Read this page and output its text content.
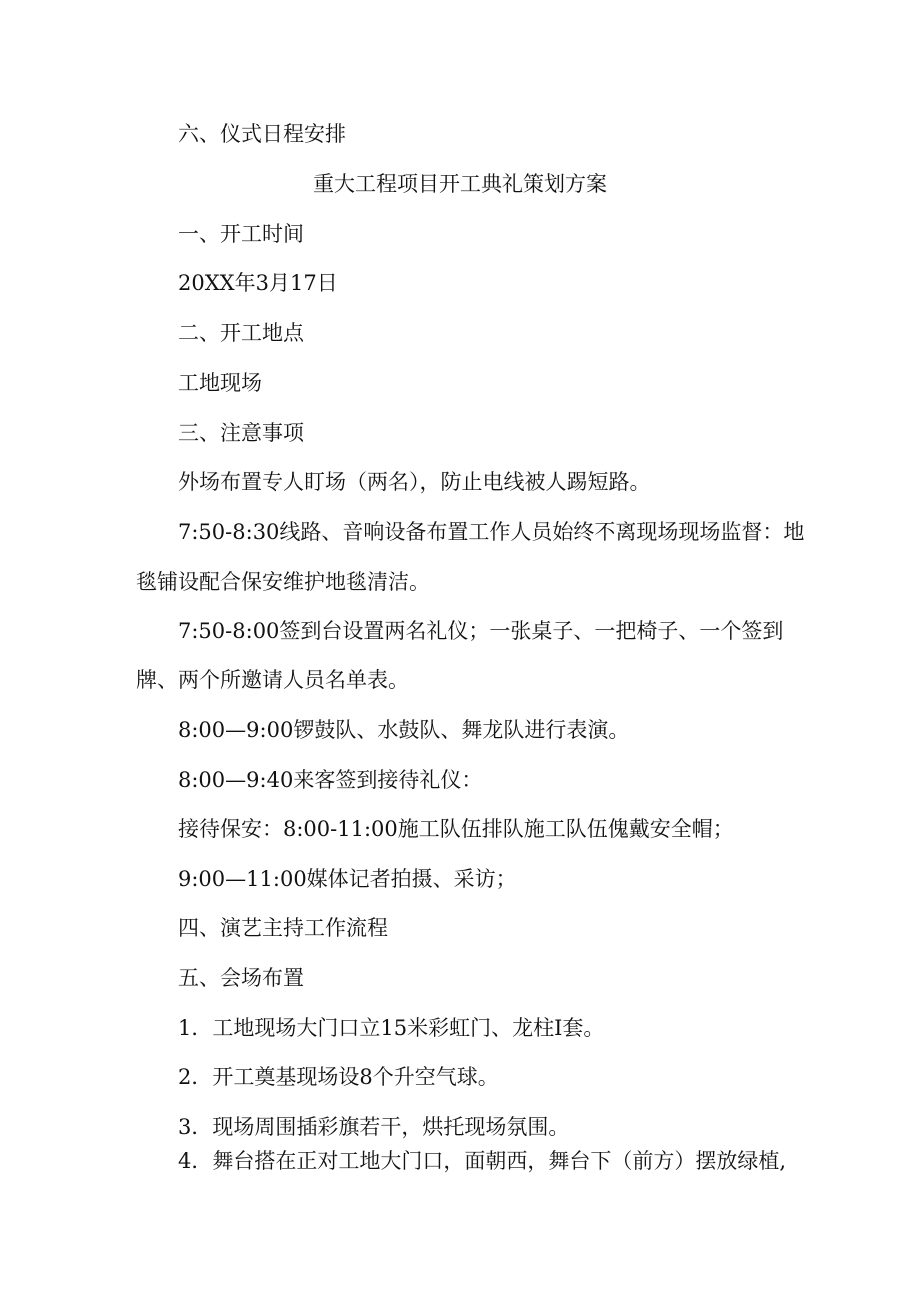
六、仪式日程安排
重大工程项目开工典礼策划方案
一、开工时间
20XX年3月17日
二、开工地点
工地现场
三、注意事项
外场布置专人盯场（两名），防止电线被人踢短路。
7:50-8:30线路、音响设备布置工作人员始终不离现场现场监督：地
毯铺设配合保安维护地毯清洁。
7:50-8:00签到台设置两名礼仪；一张桌子、一把椅子、一个签到
牌、两个所邀请人员名单表。
8:00—9:00锣鼓队、水鼓队、舞龙队进行表演。
8:00—9:40来客签到接待礼仪：
接待保安：8:00-11:00施工队伍排队施工队伍傀戴安全帽；
9:00—11:00媒体记者拍摄、采访；
四、演艺主持工作流程
五、会场布置
1．工地现场大门口立15米彩虹门、龙柱I套。
2．开工奠基现场设8个升空气球。
3．现场周围插彩旗若干，烘托现场氛围。
4．舞台搭在正对工地大门口，面朝西，舞台下（前方）摆放绿植,
